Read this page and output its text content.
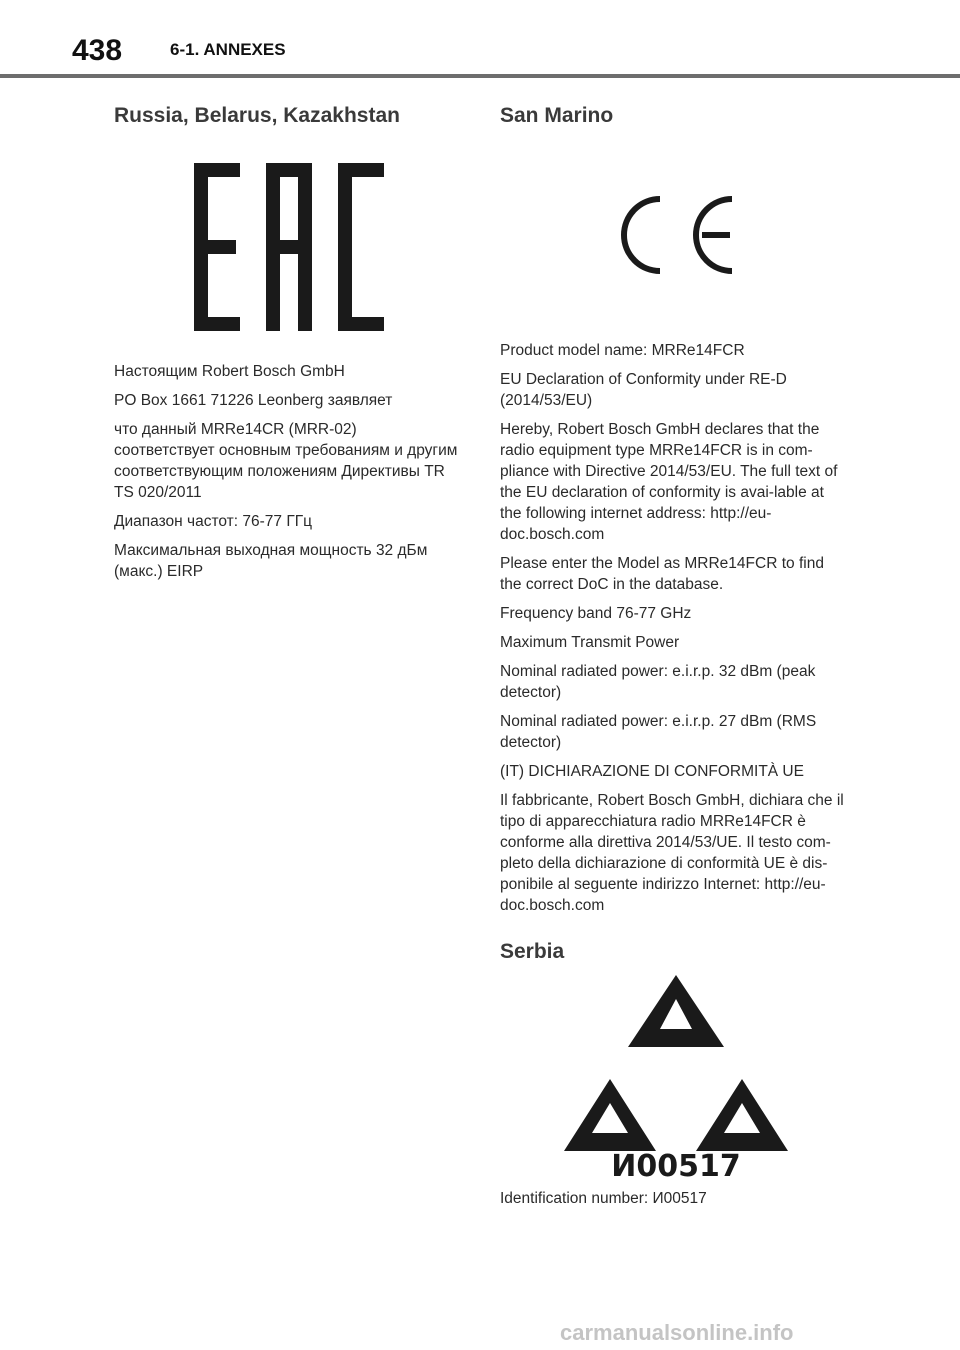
438	6-1. ANNEXES
Russia, Belarus, Kazakhstan

Настоящим Robert Bosch GmbH

PO Box 1661 71226 Leonberg заявляет

что данный MRRe14CR (MRR-02) соответствует основным требованиям и другим соответствующим положениям Директивы TR TS 020/2011

Диапазон частот: 76-77 ГГц

Максимальная выходная мощность 32 дБм (макс.) EIRP

San Marino

Product model name: MRRe14FCR

EU Declaration of Conformity under RE-D (2014/53/EU)

Hereby, Robert Bosch GmbH declares that the radio equipment type MRRe14FCR is in com-pliance with Directive 2014/53/EU. The full text of the EU declaration of conformity is avai-lable at the following internet address: http://eu-doc.bosch.com

Please enter the Model as MRRe14FCR to find the correct DoC in the database.

Frequency band 76-77 GHz

Maximum Transmit Power

Nominal radiated power: e.i.r.p. 32 dBm (peak detector)

Nominal radiated power: e.i.r.p. 27 dBm (RMS detector)

(IT) DICHIARAZIONE DI CONFORMITÀ UE

Il fabbricante, Robert Bosch GmbH, dichiara che il tipo di apparecchiatura radio MRRe14FCR è conforme alla direttiva 2014/53/UE. Il testo com-pleto della dichiarazione di conformità UE è dis-ponibile al seguente indirizzo Internet: http://eu-doc.bosch.com

Serbia
И00517

Identification number: И00517

carmanualsonline.info
